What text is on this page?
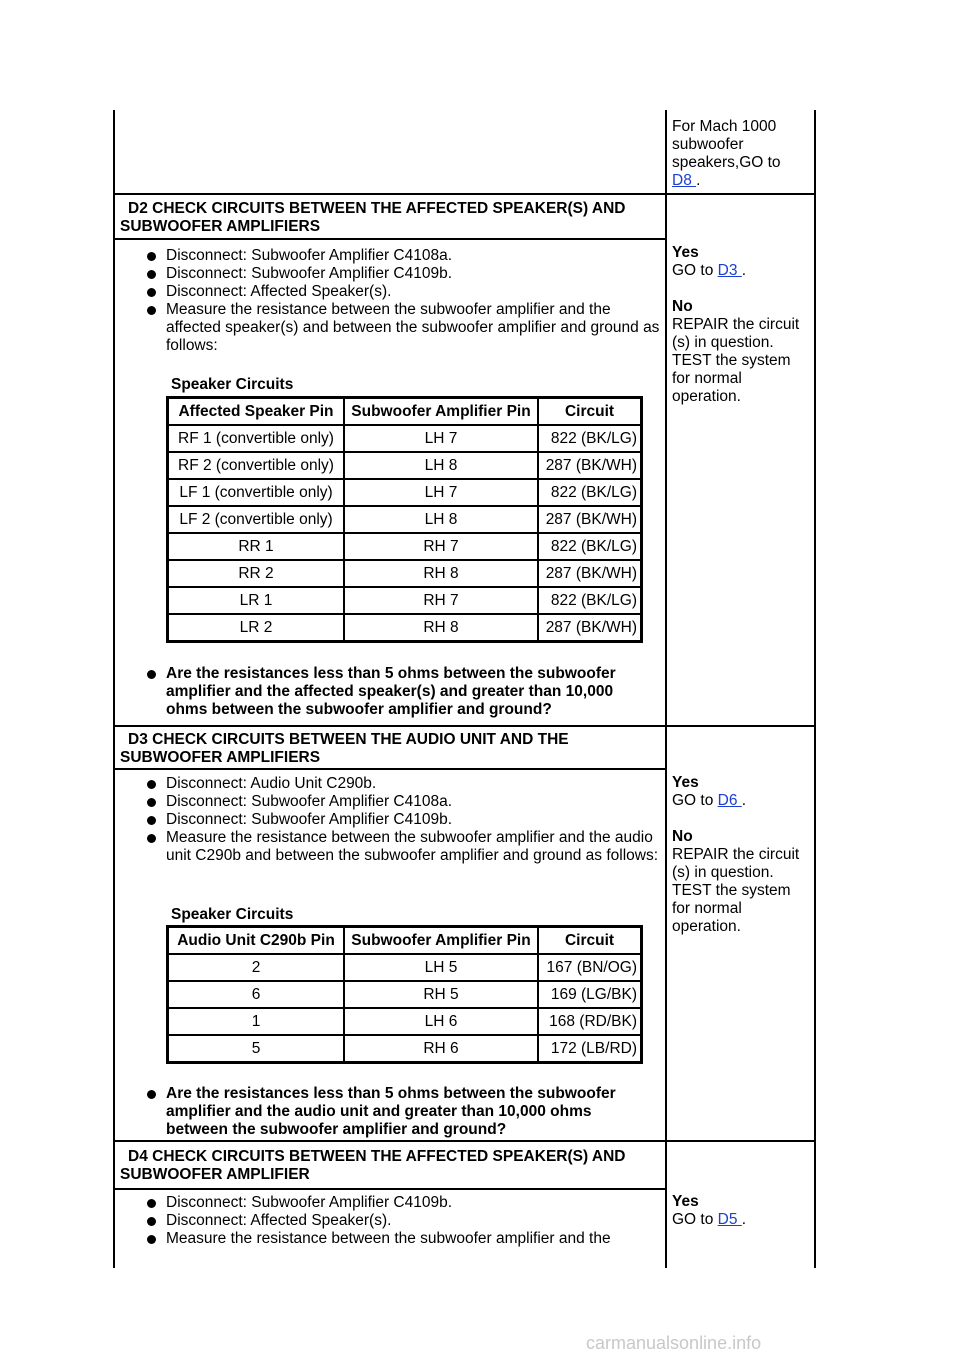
For Mach 1000 subwoofer speakers,GO to
D8 .
D2 CHECK CIRCUITS BETWEEN THE AFFECTED SPEAKER(S) AND SUBWOOFER AMPLIFIERS
Disconnect: Subwoofer Amplifier C4108a.
Disconnect: Subwoofer Amplifier C4109b.
Disconnect: Affected Speaker(s).
Measure the resistance between the subwoofer amplifier and the affected speaker(s) and between the subwoofer amplifier and ground as follows:
Speaker Circuits
Affected Speaker Pin	Subwoofer Amplifier Pin	Circuit
RF 1 (convertible only)	LH 7	822 (BK/LG)
RF 2 (convertible only)	LH 8	287 (BK/WH)
LF 1 (convertible only)	LH 7	822 (BK/LG)
LF 2 (convertible only)	LH 8	287 (BK/WH)
RR 1	RH 7	822 (BK/LG)
RR 2	RH 8	287 (BK/WH)
LR 1	RH 7	822 (BK/LG)
LR 2	RH 8	287 (BK/WH)
Are the resistances less than 5 ohms between the subwoofer amplifier and the affected speaker(s) and greater than 10,000 ohms between the subwoofer amplifier and ground?
Yes
GO to D3 .
No
REPAIR the circuit (s) in question. TEST the system for normal operation.
D3 CHECK CIRCUITS BETWEEN THE AUDIO UNIT AND THE SUBWOOFER AMPLIFIERS
Disconnect: Audio Unit C290b.
Disconnect: Subwoofer Amplifier C4108a.
Disconnect: Subwoofer Amplifier C4109b.
Measure the resistance between the subwoofer amplifier and the audio unit C290b and between the subwoofer amplifier and ground as follows:
Speaker Circuits
Audio Unit C290b Pin	Subwoofer Amplifier Pin	Circuit
2	LH 5	167 (BN/OG)
6	RH 5	169 (LG/BK)
1	LH 6	168 (RD/BK)
5	RH 6	172 (LB/RD)
Are the resistances less than 5 ohms between the subwoofer amplifier and the audio unit and greater than 10,000 ohms between the subwoofer amplifier and ground?
Yes
GO to D6 .
No
REPAIR the circuit (s) in question. TEST the system for normal operation.
D4 CHECK CIRCUITS BETWEEN THE AFFECTED SPEAKER(S) AND SUBWOOFER AMPLIFIER
Disconnect: Subwoofer Amplifier C4109b.
Disconnect: Affected Speaker(s).
Measure the resistance between the subwoofer amplifier and the
Yes
GO to D5 .
carmanualsonline.info
